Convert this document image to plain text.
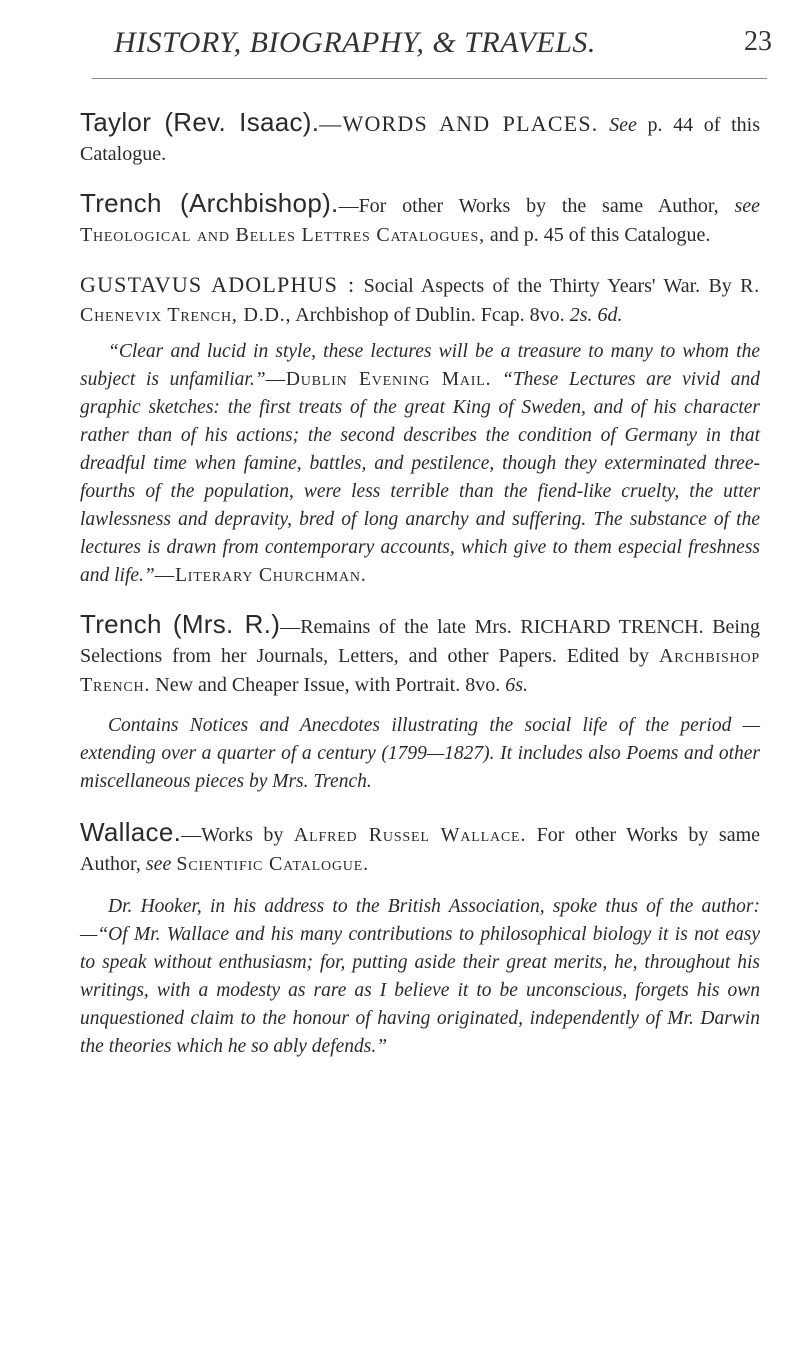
HISTORY, BIOGRAPHY, & TRAVELS.	23

Taylor (Rev. Isaac).—WORDS AND PLACES. See p. 44 of this Catalogue.

Trench (Archbishop).—For other Works by the same Author, see Theological and Belles Lettres Catalogues, and p. 45 of this Catalogue.

GUSTAVUS ADOLPHUS : Social Aspects of the Thirty Years' War. By R. Chenevix Trench, D.D., Archbishop of Dublin. Fcap. 8vo. 2s. 6d.

“Clear and lucid in style, these lectures will be a treasure to many to whom the subject is unfamiliar.”—Dublin Evening Mail. “These Lectures are vivid and graphic sketches: the first treats of the great King of Sweden, and of his character rather than of his actions; the second describes the condition of Germany in that dreadful time when famine, battles, and pestilence, though they exterminated three-fourths of the population, were less terrible than the fiend-like cruelty, the utter lawlessness and depravity, bred of long anarchy and suffering. The substance of the lectures is drawn from contemporary accounts, which give to them especial freshness and life.”—Literary Churchman.

Trench (Mrs. R.)—Remains of the late Mrs. RICHARD TRENCH. Being Selections from her Journals, Letters, and other Papers. Edited by Archbishop Trench. New and Cheaper Issue, with Portrait. 8vo. 6s.

Contains Notices and Anecdotes illustrating the social life of the period —extending over a quarter of a century (1799—1827). It includes also Poems and other miscellaneous pieces by Mrs. Trench.

Wallace.—Works by Alfred Russel Wallace. For other Works by same Author, see Scientific Catalogue.

Dr. Hooker, in his address to the British Association, spoke thus of the author:—“Of Mr. Wallace and his many contributions to philosophical biology it is not easy to speak without enthusiasm; for, putting aside their great merits, he, throughout his writings, with a modesty as rare as I believe it to be unconscious, forgets his own unquestioned claim to the honour of having originated, independently of Mr. Darwin the theories which he so ably defends.”
